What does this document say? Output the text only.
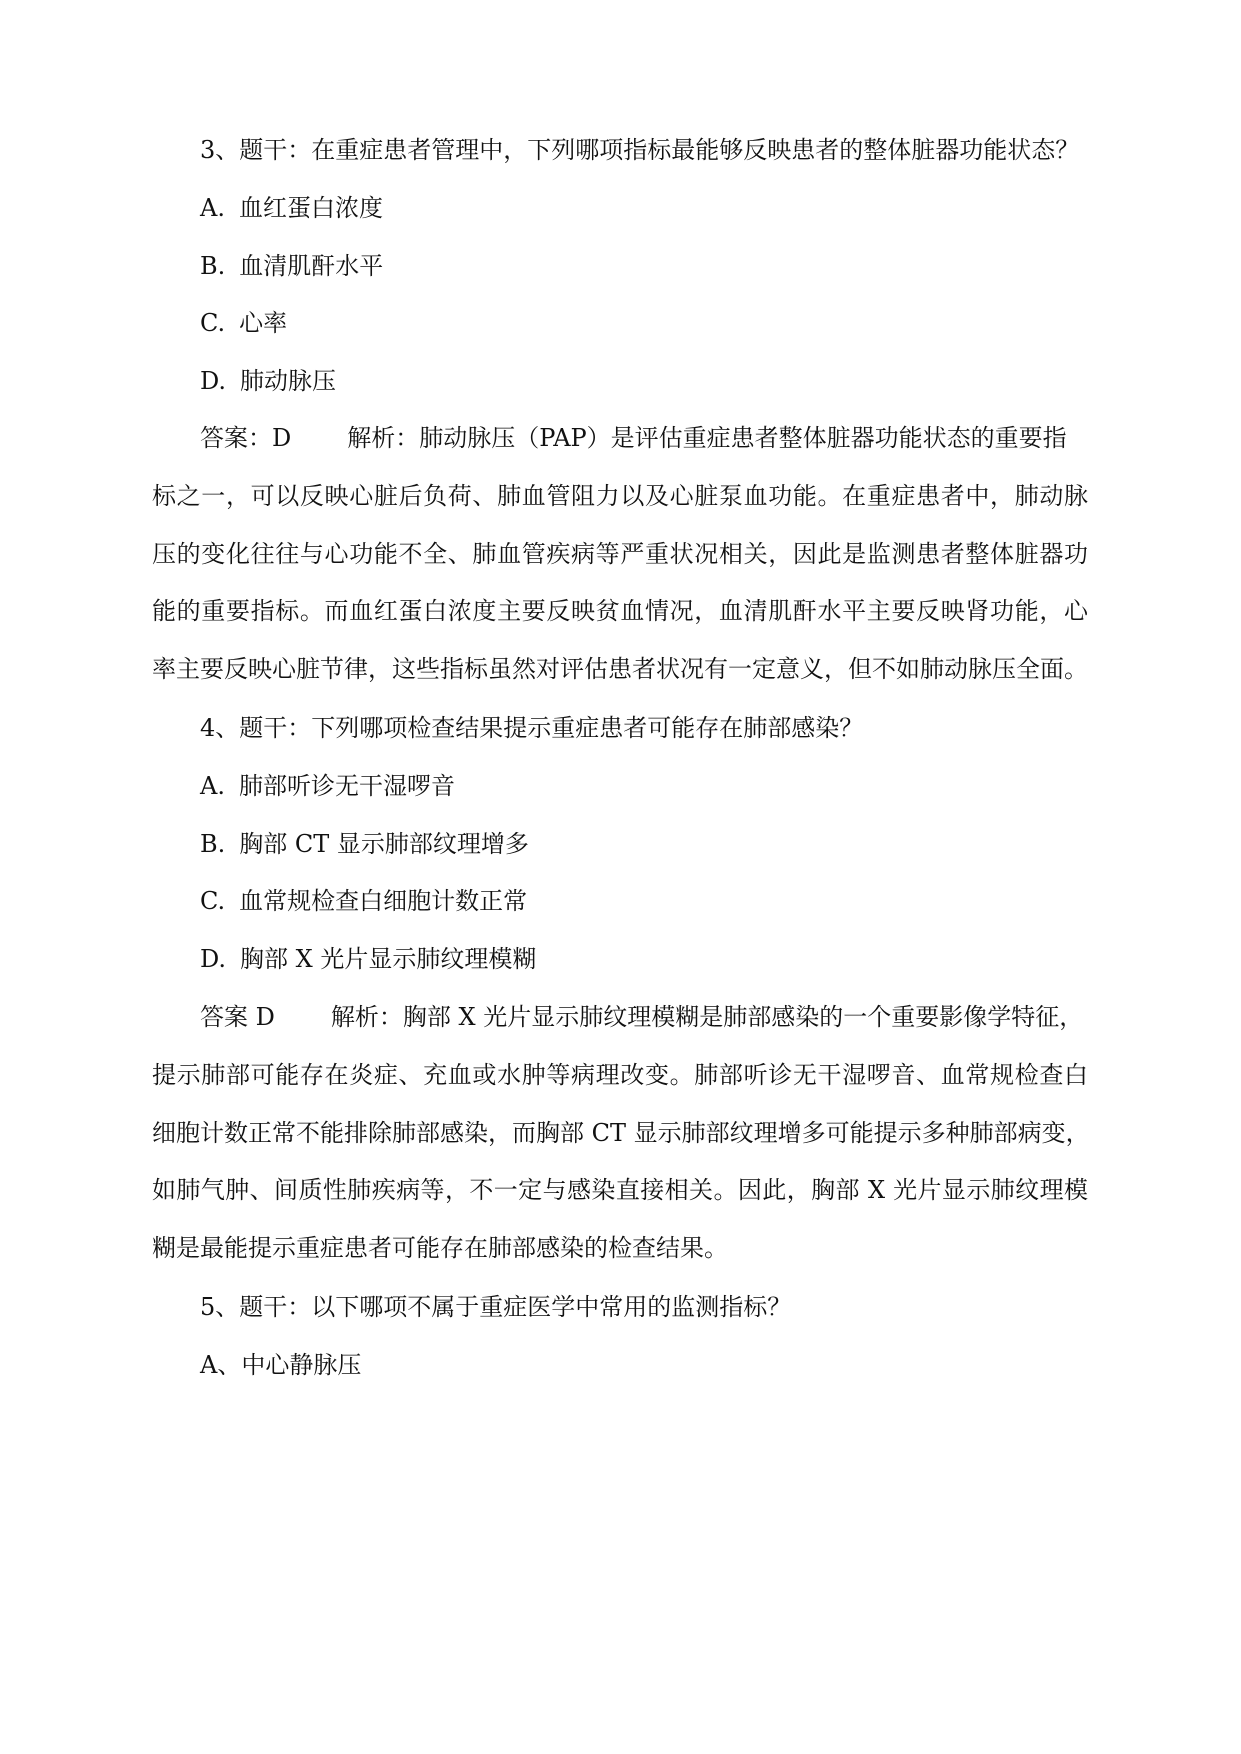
3、题干：在重症患者管理中，下列哪项指标最能够反映患者的整体脏器功能状态？

A. 血红蛋白浓度

B. 血清肌酐水平

C. 心率

D. 肺动脉压

答案：D 解析：肺动脉压（PAP）是评估重症患者整体脏器功能状态的重要指

标之一，可以反映心脏后负荷、肺血管阻力以及心脏泵血功能。在重症患者中，肺动脉

压的变化往往与心功能不全、肺血管疾病等严重状况相关，因此是监测患者整体脏器功

能的重要指标。而血红蛋白浓度主要反映贫血情况，血清肌酐水平主要反映肾功能，心

率主要反映心脏节律，这些指标虽然对评估患者状况有一定意义，但不如肺动脉压全面。

4、题干：下列哪项检查结果提示重症患者可能存在肺部感染？

A. 肺部听诊无干湿啰音

B. 胸部 CT 显示肺部纹理增多

C. 血常规检查白细胞计数正常

D. 胸部 X 光片显示肺纹理模糊

答案 D 解析：胸部 X 光片显示肺纹理模糊是肺部感染的一个重要影像学特征，

提示肺部可能存在炎症、充血或水肿等病理改变。肺部听诊无干湿啰音、血常规检查白

细胞计数正常不能排除肺部感染，而胸部 CT 显示肺部纹理增多可能提示多种肺部病变，

如肺气肿、间质性肺疾病等，不一定与感染直接相关。因此，胸部 X 光片显示肺纹理模

糊是最能提示重症患者可能存在肺部感染的检查结果。

5、题干：以下哪项不属于重症医学中常用的监测指标？

A、中心静脉压
